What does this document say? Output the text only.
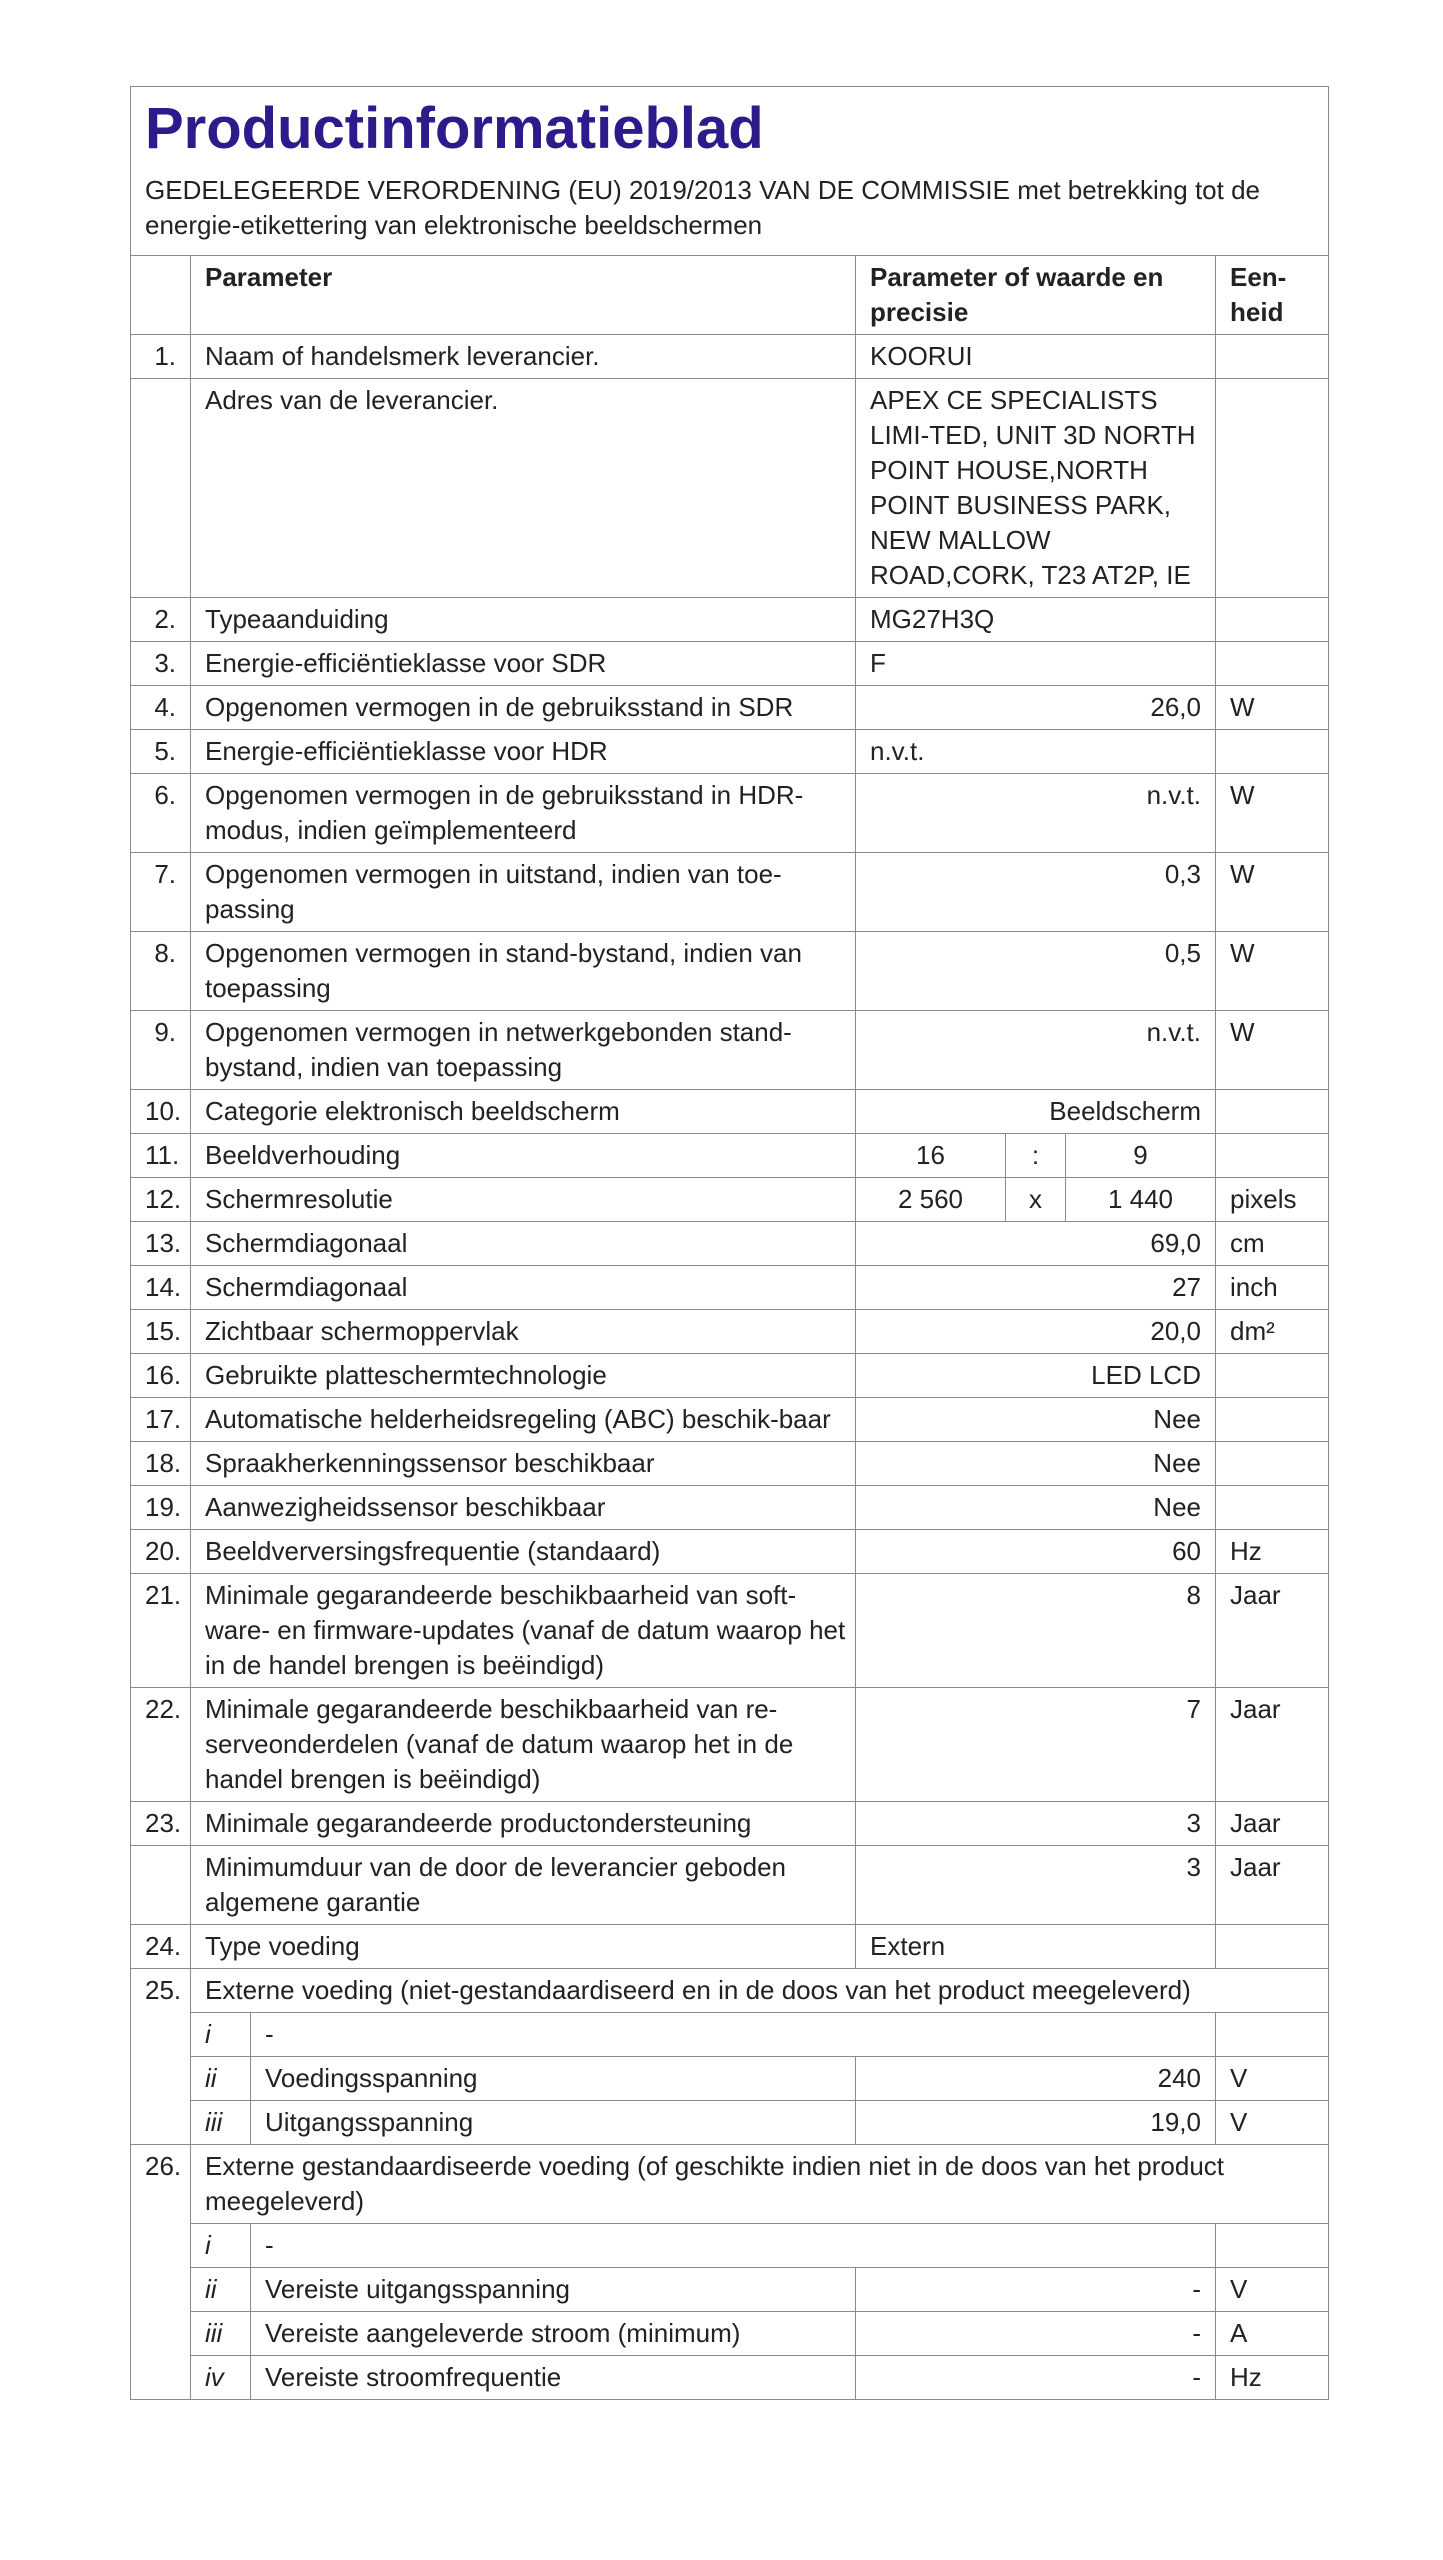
Productinformatieblad
GEDELEGEERDE VERORDENING (EU) 2019/2013 VAN DE COMMISSIE met betrekking tot de energie-etikettering van elektronische beeldschermen						

	Parameter		Parameter of waarde en precisie			Een-heid
1.	Naam of handelsmerk leverancier.		KOORUI			
	Adres van de leverancier.		APEX CE SPECIALISTS LIMI-TED, UNIT 3D NORTH POINT HOUSE,NORTH POINT BUSINESS PARK, NEW MALLOW ROAD,CORK, T23 AT2P, IE			
2.	Typeaanduiding		MG27H3Q			
3.	Energie-efficiëntieklasse voor SDR		F			
4.	Opgenomen vermogen in de gebruiksstand in SDR		26,0			W
5.	Energie-efficiëntieklasse voor HDR		n.v.t.			
6.	Opgenomen vermogen in de gebruiksstand in HDR-modus, indien geïmplementeerd		n.v.t.			W
7.	Opgenomen vermogen in uitstand, indien van toe-passing		0,3			W
8.	Opgenomen vermogen in stand-bystand, indien van toepassing		0,5			W
9.	Opgenomen vermogen in netwerkgebonden stand-bystand, indien van toepassing		n.v.t.			W
10.	Categorie elektronisch beeldscherm		Beeldscherm			
11.	Beeldverhouding		16	:	9	
12.	Schermresolutie		2 560	x	1 440	pixels
13.	Schermdiagonaal		69,0			cm
14.	Schermdiagonaal		27			inch
15.	Zichtbaar schermoppervlak		20,0			dm²
16.	Gebruikte platteschermtechnologie		LED LCD			
17.	Automatische helderheidsregeling (ABC) beschik-baar		Nee			
18.	Spraakherkenningssensor beschikbaar		Nee			
19.	Aanwezigheidssensor beschikbaar		Nee			
20.	Beeldverversingsfrequentie (standaard)		60			Hz
21.	Minimale gegarandeerde beschikbaarheid van soft-ware- en firmware-updates (vanaf de datum waarop het in de handel brengen is beëindigd)		8			Jaar
22.	Minimale gegarandeerde beschikbaarheid van re-serveonderdelen (vanaf de datum waarop het in de handel brengen is beëindigd)		7			Jaar
23.	Minimale gegarandeerde productondersteuning		3			Jaar
	Minimumduur van de door de leverancier geboden algemene garantie		3			Jaar
24.	Type voeding		Extern			
25.	Externe voeding (niet-gestandaardiseerd en in de doos van het product meegeleverd)					
	i	-				
	ii	Voedingsspanning	240			V
	iii	Uitgangsspanning	19,0			V
26.	Externe gestandaardiseerde voeding (of geschikte indien niet in de doos van het product meegeleverd)					
	i	-				
	ii	Vereiste uitgangsspanning	-			V
	iii	Vereiste aangeleverde stroom (minimum)	-			A
	iv	Vereiste stroomfrequentie	-			Hz
